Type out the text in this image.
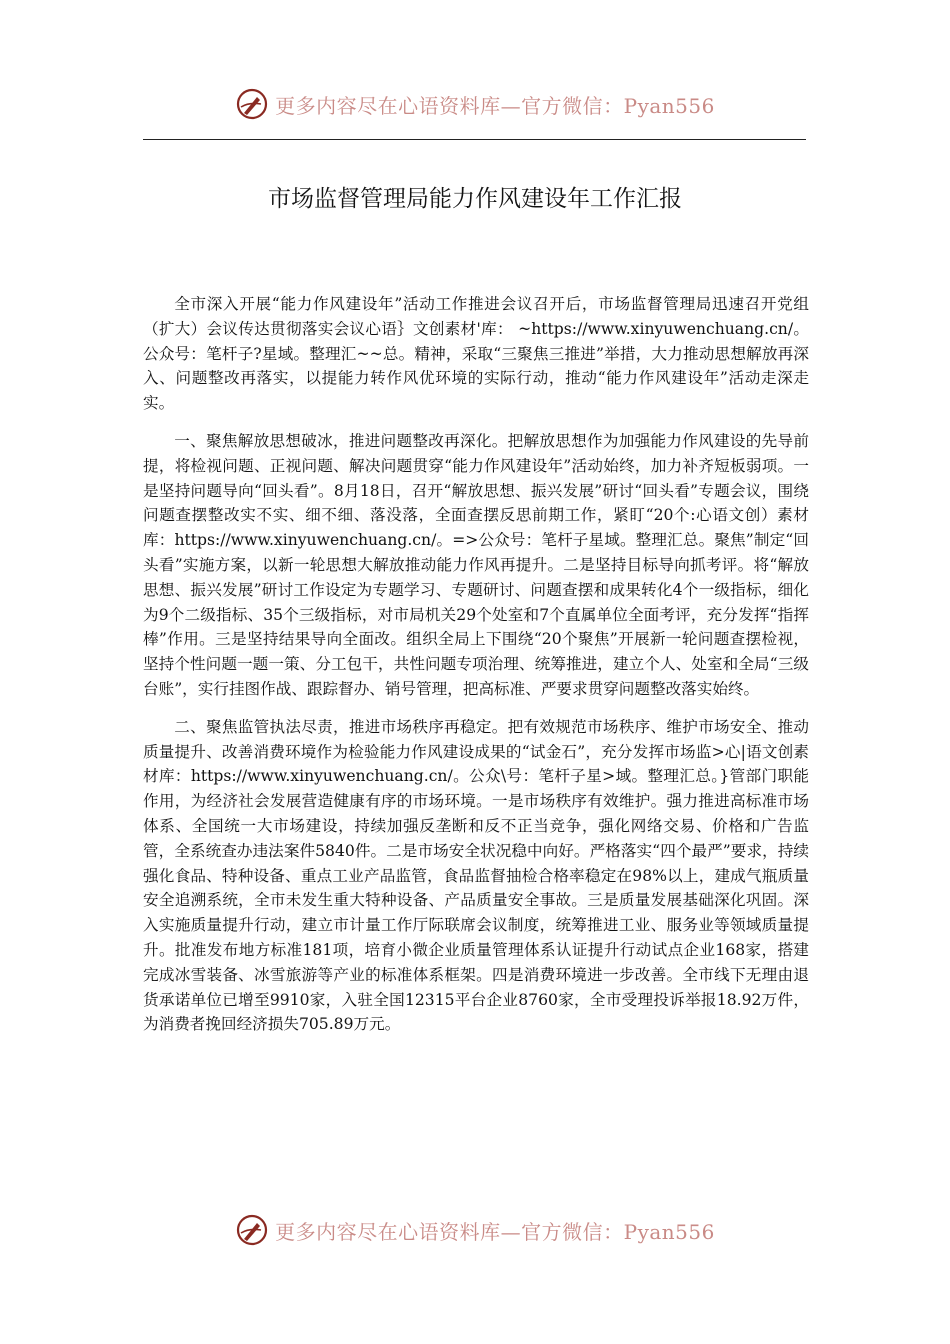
更多内容尽在心语资料库—官方微信：Pyan556
市场监督管理局能力作风建设年工作汇报

全市深入开展“能力作风建设年”活动工作推进会议召开后，市场监督管理局迅速召开党组（扩大）会议传达贯彻落实会议心语｝文创素材'库： ~https://www.xinyuwenchuang.cn/。公众号：笔杆子?星域。整理汇~~总。精神，采取“三聚焦三推进”举措，大力推动思想解放再深入、问题整改再落实，以提能力转作风优环境的实际行动，推动“能力作风建设年”活动走深走实。

一、聚焦解放思想破冰，推进问题整改再深化。把解放思想作为加强能力作风建设的先导前提，将检视问题、正视问题、解决问题贯穿“能力作风建设年”活动始终，加力补齐短板弱项。一是坚持问题导向“回头看”。8月18日，召开“解放思想、振兴发展”研讨“回头看”专题会议，围绕问题查摆整改实不实、细不细、落没落，全面查摆反思前期工作，紧盯“20个:心语文创）素材库：https://www.xinyuwenchuang.cn/。=>公众号：笔杆子星域。整理汇总。聚焦”制定“回头看”实施方案，以新一轮思想大解放推动能力作风再提升。二是坚持目标导向抓考评。将“解放思想、振兴发展”研讨工作设定为专题学习、专题研讨、问题查摆和成果转化4个一级指标，细化为9个二级指标、35个三级指标，对市局机关29个处室和7个直属单位全面考评，充分发挥“指挥棒”作用。三是坚持结果导向全面改。组织全局上下围绕“20个聚焦”开展新一轮问题查摆检视，坚持个性问题一题一策、分工包干，共性问题专项治理、统筹推进，建立个人、处室和全局“三级台账”，实行挂图作战、跟踪督办、销号管理，把高标准、严要求贯穿问题整改落实始终。

二、聚焦监管执法尽责，推进市场秩序再稳定。把有效规范市场秩序、维护市场安全、推动质量提升、改善消费环境作为检验能力作风建设成果的“试金石”，充分发挥市场监>心|语文创素材库：https://www.xinyuwenchuang.cn/。公众\号：笔杆子星>域。整理汇总。}管部门职能作用，为经济社会发展营造健康有序的市场环境。一是市场秩序有效维护。强力推进高标准市场体系、全国统一大市场建设，持续加强反垄断和反不正当竞争，强化网络交易、价格和广告监管，全系统查办违法案件5840件。二是市场安全状况稳中向好。严格落实“四个最严”要求，持续强化食品、特种设备、重点工业产品监管，食品监督抽检合格率稳定在98%以上，建成气瓶质量安全追溯系统，全市未发生重大特种设备、产品质量安全事故。三是质量发展基础深化巩固。深入实施质量提升行动，建立市计量工作厅际联席会议制度，统筹推进工业、服务业等领域质量提升。批准发布地方标准181项，培育小微企业质量管理体系认证提升行动试点企业168家，搭建完成冰雪装备、冰雪旅游等产业的标准体系框架。四是消费环境进一步改善。全市线下无理由退货承诺单位已增至9910家，入驻全国12315平台企业8760家，全市受理投诉举报18.92万件，为消费者挽回经济损失705.89万元。

更多内容尽在心语资料库—官方微信：Pyan556
